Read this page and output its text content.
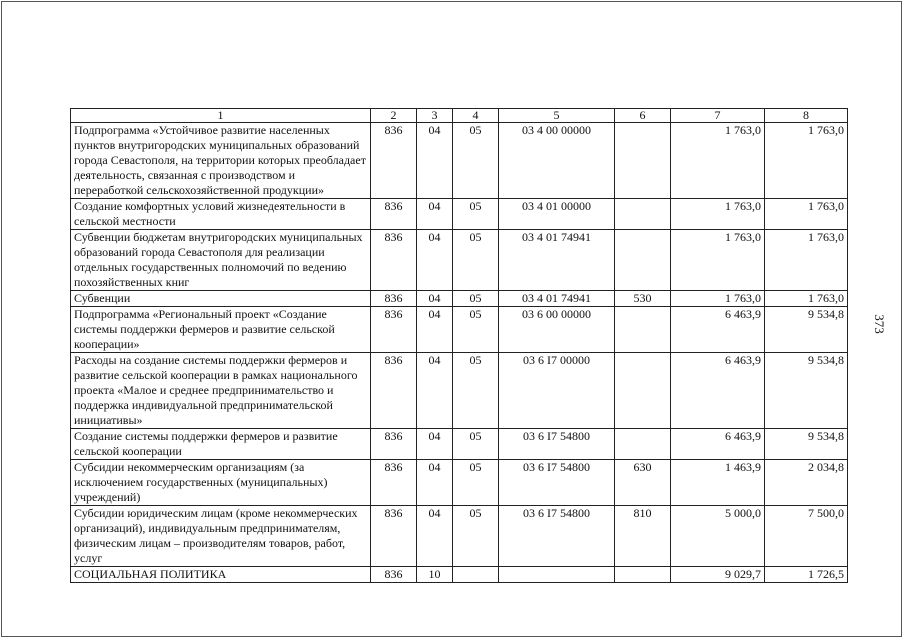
1	2	3	4	5	6	7	8
Подпрограмма «Устойчивое развитие населенных пунктов внутригородских муниципальных образований города Севастополя, на территории которых преобладает деятельность, связанная с производством и переработкой сельскохозяйственной продукции»	836	04	05	03 4 00 00000		1 763,0	1 763,0
Создание комфортных условий жизнедеятельности в сельской местности	836	04	05	03 4 01 00000		1 763,0	1 763,0
Субвенции бюджетам внутригородских муниципальных образований города Севастополя для реализации отдельных государственных полномочий по ведению похозяйственных книг	836	04	05	03 4 01 74941		1 763,0	1 763,0
Субвенции	836	04	05	03 4 01 74941	530	1 763,0	1 763,0
Подпрограмма «Региональный проект «Создание системы поддержки фермеров и развитие сельской кооперации»	836	04	05	03 6 00 00000		6 463,9	9 534,8
Расходы на создание системы поддержки фермеров и развитие сельской кооперации в рамках национального проекта «Малое и среднее предпринимательство и поддержка индивидуальной предпринимательской инициативы»	836	04	05	03 6 I7 00000		6 463,9	9 534,8
Создание системы поддержки фермеров и развитие сельской кооперации	836	04	05	03 6 I7 54800		6 463,9	9 534,8
Субсидии некоммерческим организациям (за исключением государственных (муниципальных) учреждений)	836	04	05	03 6 I7 54800	630	1 463,9	2 034,8
Субсидии юридическим лицам (кроме некоммерческих организаций), индивидуальным предпринимателям, физическим лицам – производителям товаров, работ, услуг	836	04	05	03 6 I7 54800	810	5 000,0	7 500,0
СОЦИАЛЬНАЯ ПОЛИТИКА	836	10				9 029,7	1 726,5
373
